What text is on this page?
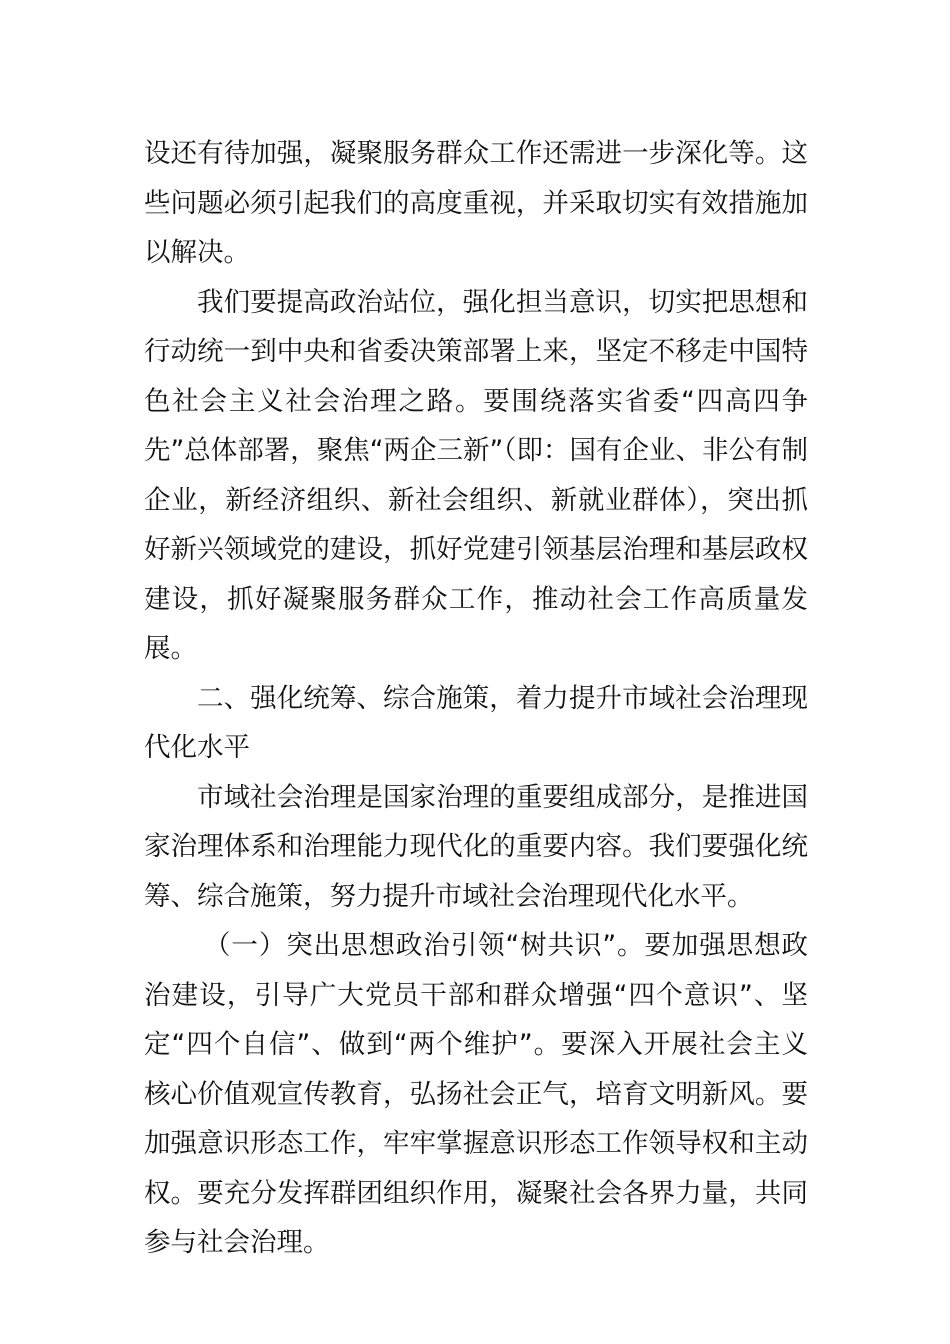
设还有待加强，凝聚服务群众工作还需进一步深化等。这些问题必须引起我们的高度重视，并采取切实有效措施加以解决。

我们要提高政治站位，强化担当意识，切实把思想和行动统一到中央和省委决策部署上来，坚定不移走中国特色社会主义社会治理之路。要围绕落实省委“四高四争先”总体部署，聚焦“两企三新”（即：国有企业、非公有制企业，新经济组织、新社会组织、新就业群体），突出抓好新兴领域党的建设，抓好党建引领基层治理和基层政权建设，抓好凝聚服务群众工作，推动社会工作高质量发展。

二、强化统筹、综合施策，着力提升市域社会治理现代化水平

市域社会治理是国家治理的重要组成部分，是推进国家治理体系和治理能力现代化的重要内容。我们要强化统筹、综合施策，努力提升市域社会治理现代化水平。

（一）突出思想政治引领“树共识”。要加强思想政治建设，引导广大党员干部和群众增强“四个意识”、坚定“四个自信”、做到“两个维护”。要深入开展社会主义核心价值观宣传教育，弘扬社会正气，培育文明新风。要加强意识形态工作，牢牢掌握意识形态工作领导权和主动权。要充分发挥群团组织作用，凝聚社会各界力量，共同参与社会治理。
